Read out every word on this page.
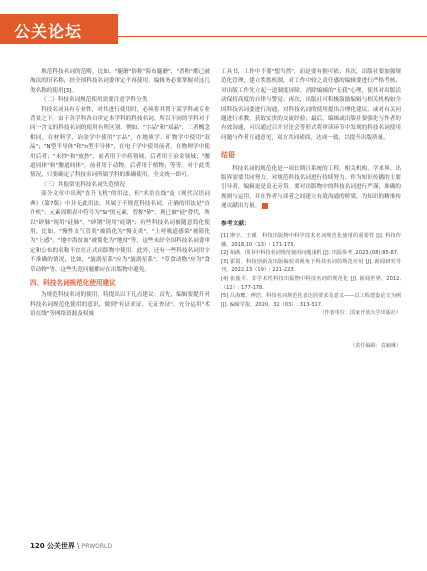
公关论坛

规范科技名词的范畴，比如，"腿蘑"俗称"海布腿蘑"，"普粉"都已被淘汰的旧名称，经全国科技名词委审定不再使用。编辑务必要掌握对这几类名称的使用[3]。

（二）科技名词规范使用需要注意学科分类

科技名词具有专业性，对其进行使用时，必须将其置于某学科或专业背景之下。由于各学科各自审定本学科的科技名词，所以不同的学科对于同一含义的科技名词的使用有所区别。例如，"字品"和"双晶"，二者概念相同，在材料学、冶金学中使用"字品"，在地质学、矿物学中使用"双晶"；"N型半导体"和"n型半导体"，在电子学中使用前者，在物理学中使用后者；"未抄"和"放抄"，前者用于中药领域，后者用于冶金领域；"腰道同体"和"腰道间体"，前者用于动物，后者用于植物；等等。对于此类情况，只要确定了科技名词所属学科的准确使用，全文统一即可。

（三）其他常见科技名词失范情况

部分文章中出现"直升飞机"的用法，但"术语在线"及《现代汉语词典》（第7版）中并无此用法。其属于不规范科技名词，正确的用法是"直升机"；元素周期表中符号为"Si"的元素，曾称"矽"，现已被"硅"替代，所以"矽肺"现用"硅肺"，"矽钢"现用"硅钢"；有些科技名词被随意简化使用，比如，"慢性支气管炎"被简化为"慢支炎"，"上呼吸道感染"被简化为"上感"，"地中海贫血"被简化为"地贫"等，这些未经全国科技名词委审定和公布的名称不宜在正式出版物中使用。此外，还有一些科技名词用字不准确的情况，比如，"旋涡星系"应为"旋涡星系"，"草食动物"应为"食草动物"等，这些失范问题都应在出版物中避免。

四、科技名词规范化使用建议

为规范科技名词的使用，特提出以下几点建议：首先，编辑要提升对科技名词规范化使用的意识，做到"有证求证、无证查证"，充分运用"术语在线"等网络资源及权威

工具书，工作中不要"想当然"，而是要有据可依；其次，出版社要加强规范化管理，建立奖惩机制，对工作中较之责任感的编辑要进行严格考核，对出版工作先立起一道制度屏障，消除编辑的"无我"心理，使其对出版活动保持高度的自律与警觉；再次，出版社可积极鼓励编辑与相关机构如全国科技名词委进行沟通，对科技名词的使用提出合理化建议，或对有关问题进行求教，获取实贵的交流经验；最后，编辑或出版社要强化与作者的有效沟通，可以通过召开讨论会等形式将审读环节中发现的科技名词使用问题与作者互通意见，双方共同磋商，达成一致，以提升出版质量。

结语

科技名词的规范化是一项长期且系统的工程，相关机构、学术界、出版界需要共同努力，对规范科技名词进行持续努力。作为知识传播的主要引导者，编辑更是责无旁贷。要对出版物中的科技名词进行严谨、准确的规则与运用，并在作者与读者之间建立有效沟通的桥梁，为知识的精准传递贡献出力量。

参考文献：
[1] 廖宇，王瑾．科技出版物中科学技术名词规范化使用的重要性 [J]. 科技传播，2018,10（13）: 171-173.
[2] 胡满．图书中科技名词规范使用问题浅析 [J]. 出版参考 ,2023,(08):85-87.
[3] 霍霞．科技创新及出版编校双视角下科技名词的规范应用 [J]. 新闻研究导刊，2022,13（19）: 221-223.
[4] 张俊平．非学术性科技出版物中科技名词的规范化 [J]. 新闻世界，2012,（12）: 177-178.
[5] 吕海鹰，傅浩．科技名词规范化表达的要求及意义——以工程建设论文为例 [J]. 编辑学报，2020，32（03）: 313-317.
（作者单位：国家开放大学出版社）
（责任编辑：袁颖琳）
120 公关世界 \ PRWORLD
